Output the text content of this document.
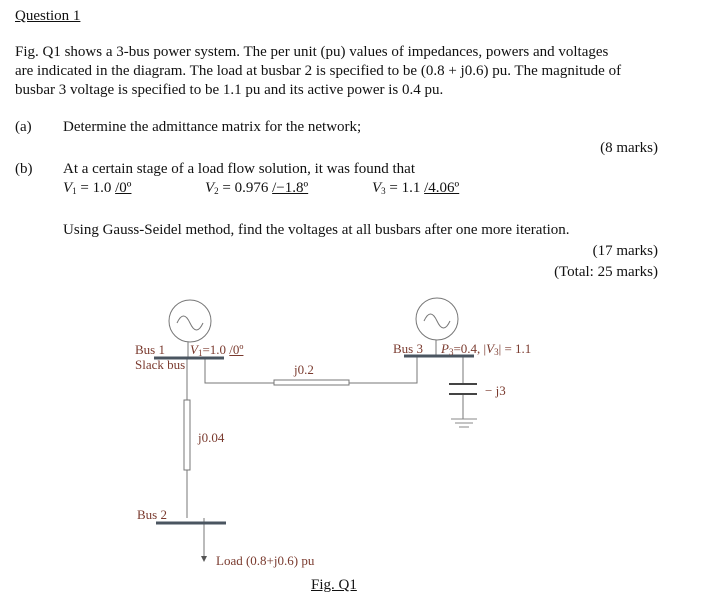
Question 1
Fig. Q1 shows a 3-bus power system. The per unit (pu) values of impedances, powers and voltages
are indicated in the diagram. The load at busbar 2 is specified to be (0.8 + j0.6) pu. The magnitude of
busbar 3 voltage is specified to be 1.1 pu and its active power is 0.4 pu.
(a) Determine the admittance matrix for the network;
(8 marks)
(b) At a certain stage of a load flow solution, it was found that
$V_1 = 1.0$ /0º	$V_2 = 0.976$ /−1.8º	$V_3 = 1.1$ /4.06º
Using Gauss-Seidel method, find the voltages at all busbars after one more iteration.
(17 marks)
(Total: 25 marks)
Bus 1
Slack bus
$V_1=1.0$ /0º
j0.2
Bus 3 $P_3=0.4$, $|V_3| = 1.1$
− j3
j0.04
Bus 2
Load (0.8+j0.6) pu
Fig. Q1
